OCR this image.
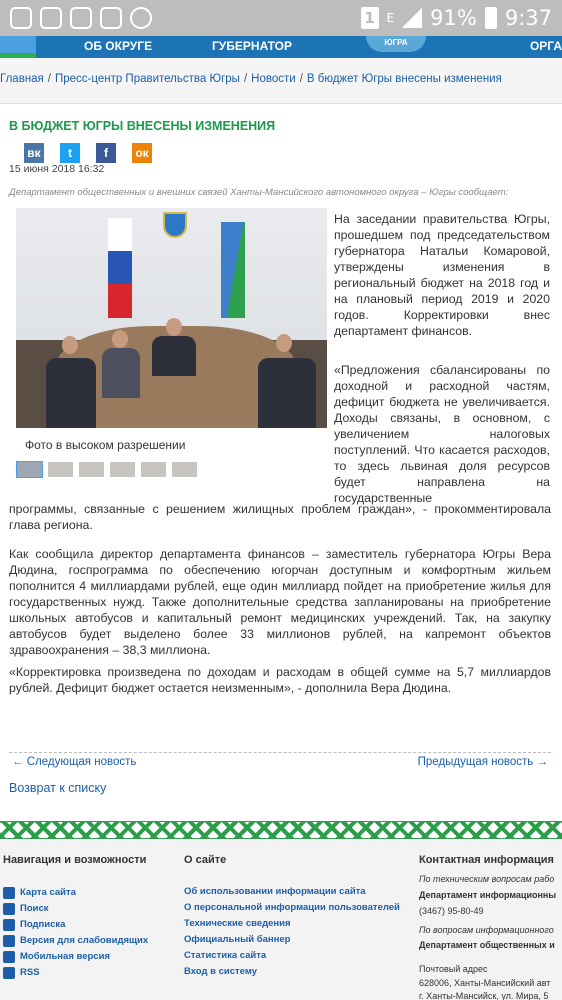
1 E 91% 9:37
ОБ ОКРУГЕ	ГУБЕРНАТОР	ЮГРА	ОРГА
Главная / Пресс-центр Правительства Югры / Новости / В бюджет Югры внесены изменения
В БЮДЖЕТ ЮГРЫ ВНЕСЕНЫ ИЗМЕНЕНИЯ
вк	t	f	ок
15 июня 2018 16:32
Департамент общественных и внешних связей Ханты-Мансийского автономного округа – Югры сообщает:
Фото в высоком разрешении

На заседании правительства Югры, прошедшем под председательством губернатора Натальи Комаровой, утверждены изменения в региональный бюджет на 2018 год и на плановый период 2019 и 2020 годов. Корректировки внес департамент финансов.

«Предложения сбалансированы по доходной и расходной частям, дефицит бюджета не увеличивается. Доходы связаны, в основном, с увеличением налоговых поступлений. Что касается расходов, то здесь львиная доля ресурсов будет направлена на государственные

программы, связанные с решением жилищных проблем граждан», - прокомментировала глава региона.

Как сообщила директор департамента финансов – заместитель губернатора Югры Вера Дюдина, госпрограмма по обеспечению югорчан доступным и комфортным жильем пополнится 4 миллиардами рублей, еще один миллиард пойдет на приобретение жилья для государственных нужд. Также дополнительные средства запланированы на приобретение школьных автобусов и капитальный ремонт медицинских учреждений. Так, на закупку автобусов будет выделено более 33 миллионов рублей, на капремонт объектов здравоохранения – 38,3 миллиона.

«Корректировка произведена по доходам и расходам в общей сумме на 5,7 миллиардов рублей. Дефицит бюджет остается неизменным», - дополнила Вера Дюдина.

← Следующая новость	Предыдущая новость →
Возврат к списку
Навигация и возможности
Карта сайта
Поиск
Подписка
Версия для слабовидящих
Мобильная версия
RSS
О сайте
Об использовании информации сайта
О персональной информации пользователей
Технические сведения
Официальный баннер
Статистика сайта
Вход в систему
Контактная информация
По техническим вопросам рабо
Департамент информационны
(3467) 95-80-49
По вопросам информационного
Департамент общественных и
Почтовый адрес
628006, Ханты-Мансийский авт
г. Ханты-Мансийск, ул. Мира, 5
